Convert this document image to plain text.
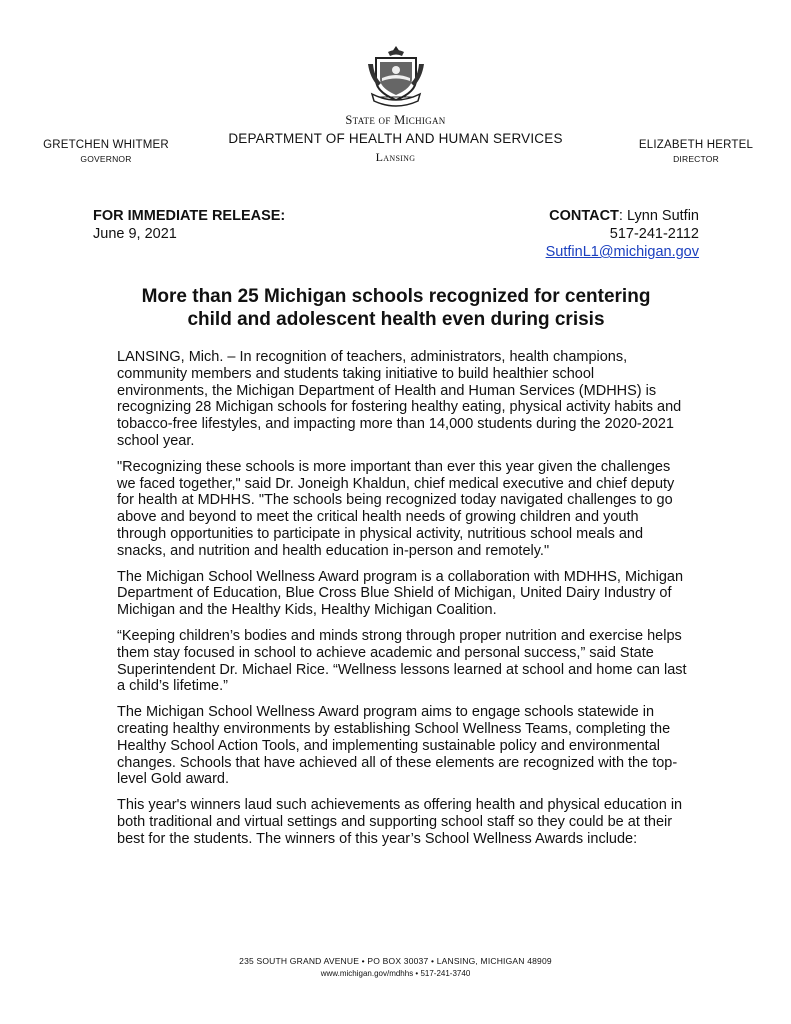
State of Michigan
DEPARTMENT OF HEALTH AND HUMAN SERVICES
Lansing
GRETCHEN WHITMER
GOVERNOR
ELIZABETH HERTEL
DIRECTOR
FOR IMMEDIATE RELEASE:
June 9, 2021
CONTACT: Lynn Sutfin
517-241-2112
SutfinL1@michigan.gov
More than 25 Michigan schools recognized for centering
child and adolescent health even during crisis

LANSING, Mich. – In recognition of teachers, administrators, health champions, community members and students taking initiative to build healthier school environments, the Michigan Department of Health and Human Services (MDHHS) is recognizing 28 Michigan schools for fostering healthy eating, physical activity habits and tobacco-free lifestyles, and impacting more than 14,000 students during the 2020-2021 school year.

"Recognizing these schools is more important than ever this year given the challenges we faced together," said Dr. Joneigh Khaldun, chief medical executive and chief deputy for health at MDHHS. "The schools being recognized today navigated challenges to go above and beyond to meet the critical health needs of growing children and youth through opportunities to participate in physical activity, nutritious school meals and snacks, and nutrition and health education in-person and remotely."

The Michigan School Wellness Award program is a collaboration with MDHHS, Michigan Department of Education, Blue Cross Blue Shield of Michigan, United Dairy Industry of Michigan and the Healthy Kids, Healthy Michigan Coalition.

“Keeping children’s bodies and minds strong through proper nutrition and exercise helps them stay focused in school to achieve academic and personal success,” said State Superintendent Dr. Michael Rice. “Wellness lessons learned at school and home can last a child’s lifetime.”

The Michigan School Wellness Award program aims to engage schools statewide in creating healthy environments by establishing School Wellness Teams, completing the Healthy School Action Tools, and implementing sustainable policy and environmental changes. Schools that have achieved all of these elements are recognized with the top-level Gold award.

This year's winners laud such achievements as offering health and physical education in both traditional and virtual settings and supporting school staff so they could be at their best for the students. The winners of this year’s School Wellness Awards include:

235 SOUTH GRAND AVENUE • PO BOX 30037 • LANSING, MICHIGAN 48909
www.michigan.gov/mdhhs • 517-241-3740
